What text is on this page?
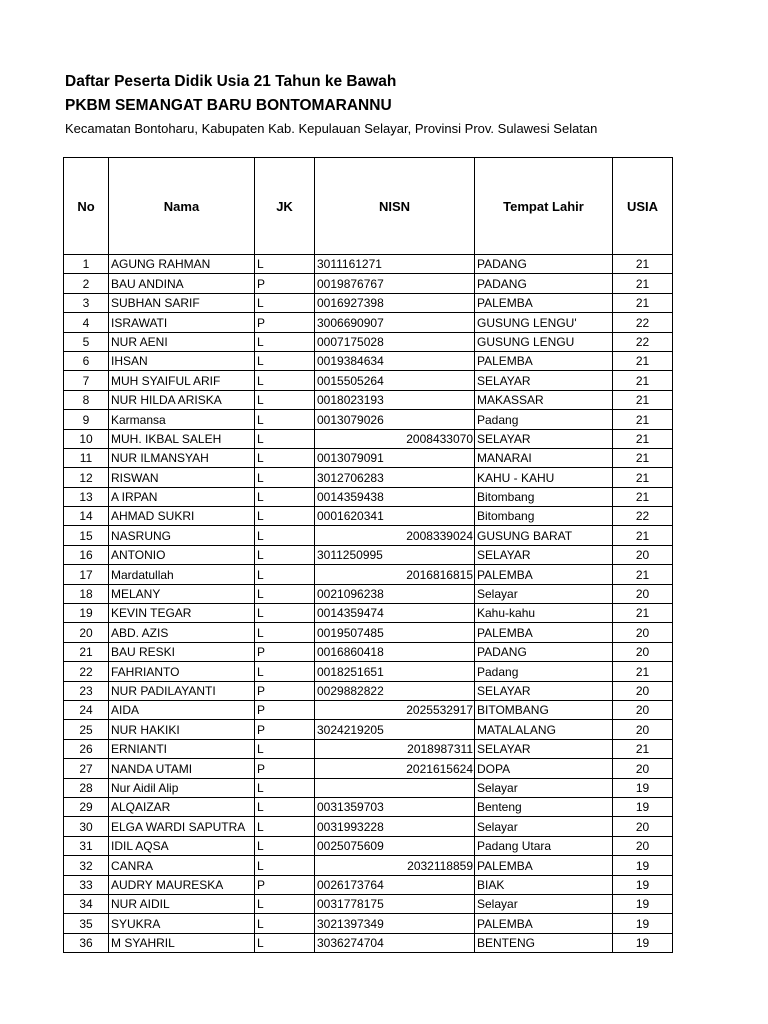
Daftar Peserta Didik Usia 21 Tahun ke Bawah
PKBM SEMANGAT BARU BONTOMARANNU

Kecamatan Bontoharu, Kabupaten Kab. Kepulauan Selayar, Provinsi Prov. Sulawesi Selatan

No	Nama	JK	NISN	Tempat Lahir	USIA
1	AGUNG RAHMAN	L	3011161271	PADANG	21
2	BAU ANDINA	P	0019876767	PADANG	21
3	SUBHAN SARIF	L	0016927398	PALEMBA	21
4	ISRAWATI	P	3006690907	GUSUNG LENGU'	22
5	NUR AENI	L	0007175028	GUSUNG LENGU	22
6	IHSAN	L	0019384634	PALEMBA	21
7	MUH SYAIFUL ARIF	L	0015505264	SELAYAR	21
8	NUR HILDA ARISKA	L	0018023193	MAKASSAR	21
9	Karmansa	L	0013079026	Padang	21
10	MUH. IKBAL SALEH	L	2008433070	SELAYAR	21
11	NUR ILMANSYAH	L	0013079091	MANARAI	21
12	RISWAN	L	3012706283	KAHU - KAHU	21
13	A IRPAN	L	0014359438	Bitombang	21
14	AHMAD SUKRI	L	0001620341	Bitombang	22
15	NASRUNG	L	2008339024	GUSUNG BARAT	21
16	ANTONIO	L	3011250995	SELAYAR	20
17	Mardatullah	L	2016816815	PALEMBA	21
18	MELANY	L	0021096238	Selayar	20
19	KEVIN TEGAR	L	0014359474	Kahu-kahu	21
20	ABD. AZIS	L	0019507485	PALEMBA	20
21	BAU RESKI	P	0016860418	PADANG	20
22	FAHRIANTO	L	0018251651	Padang	21
23	NUR PADILAYANTI	P	0029882822	SELAYAR	20
24	AIDA	P	2025532917	BITOMBANG	20
25	NUR HAKIKI	P	3024219205	MATALALANG	20
26	ERNIANTI	L	2018987311	SELAYAR	21
27	NANDA UTAMI	P	2021615624	DOPA	20
28	Nur Aidil Alip	L		Selayar	19
29	ALQAIZAR	L	0031359703	Benteng	19
30	ELGA WARDI SAPUTRA	L	0031993228	Selayar	20
31	IDIL AQSA	L	0025075609	Padang Utara	20
32	CANRA	L	2032118859	PALEMBA	19
33	AUDRY MAURESKA	P	0026173764	BIAK	19
34	NUR AIDIL	L	0031778175	Selayar	19
35	SYUKRA	L	3021397349	PALEMBA	19
36	M SYAHRIL	L	3036274704	BENTENG	19
